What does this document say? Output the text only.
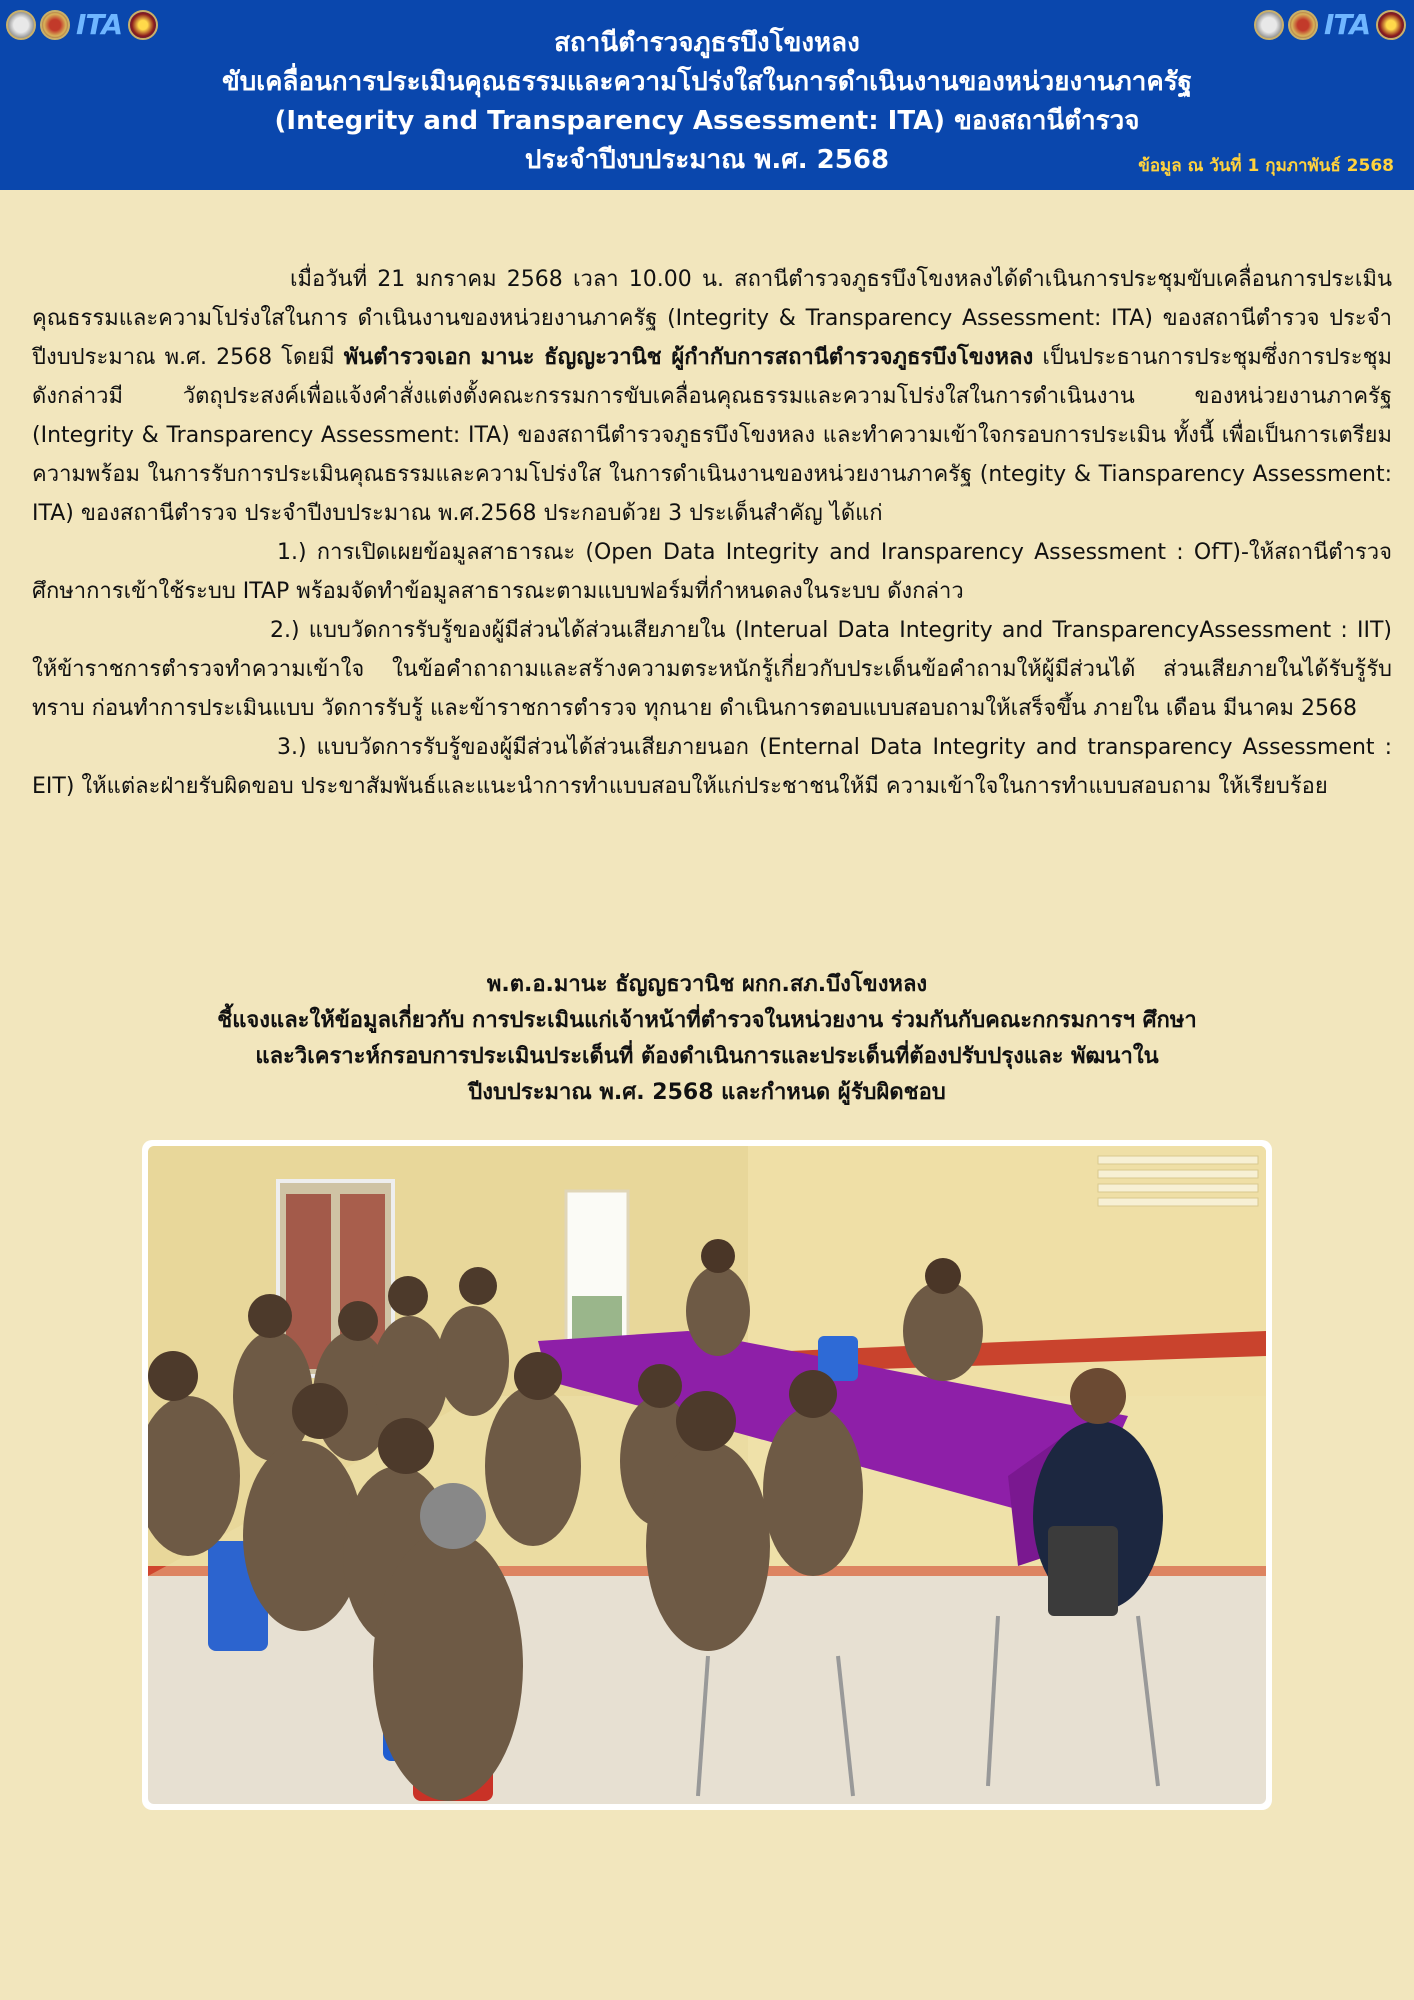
ITA	ITA
สถานีตำรวจภูธรบึงโขงหลง
ขับเคลื่อนการประเมินคุณธรรมและความโปร่งใสในการดำเนินงานของหน่วยงานภาครัฐ
(Integrity and Transparency Assessment: ITA) ของสถานีตำรวจ
ประจำปีงบประมาณ พ.ศ. 2568	ข้อมูล ณ วันที่ 1 กุมภาพันธ์ 2568

เมื่อวันที่ 21 มกราคม 2568 เวลา 10.00 น. สถานีตำรวจภูธรบึงโขงหลงได้ดำเนินการประชุมขับเคลื่อนการประเมินคุณธรรมและความโปร่งใสในการ ดำเนินงานของหน่วยงานภาครัฐ (Integrity & Transparency Assessment: ITA) ของสถานีตำรวจ ประจำปีงบประมาณ พ.ศ. 2568 โดยมี พันตำรวจเอก มานะ ธัญญะวานิช ผู้กำกับการสถานีตำรวจภูธรบึงโขงหลง เป็นประธานการประชุมซึ่งการประชุมดังกล่าวมี วัตถุประสงค์เพื่อแจ้งคำสั่งแต่งตั้งคณะกรรมการขับเคลื่อนคุณธรรมและความโปร่งใสในการดำเนินงาน ของหน่วยงานภาครัฐ (Integrity & Transparency Assessment: ITA) ของสถานีตำรวจภูธรบึงโขงหลง และทำความเข้าใจกรอบการประเมิน ทั้งนี้ เพื่อเป็นการเตรียมความพร้อม ในการรับการประเมินคุณธรรมและความโปร่งใส ในการดำเนินงานของหน่วยงานภาครัฐ (ntegity & Tiansparency Assessment: ITA) ของสถานีตำรวจ ประจำปีงบประมาณ พ.ศ.2568 ประกอบด้วย 3 ประเด็นสำคัญ ได้แก่

1.) การเปิดเผยข้อมูลสาธารณะ (Open Data Integrity and Iransparency Assessment : OfT)-ให้สถานีตำรวจศึกษาการเข้าใช้ระบบ ITAP พร้อมจัดทำข้อมูลสาธารณะตามแบบฟอร์มที่กำหนดลงในระบบ ดังกล่าว

2.) แบบวัดการรับรู้ของผู้มีส่วนได้ส่วนเสียภายใน (Interual Data Integrity and TransparencyAssessment : IIT) ให้ข้าราชการตำรวจทำความเข้าใจ ในข้อคำถาถามและสร้างความตระหนักรู้เกี่ยวกับประเด็นข้อคำถามให้ผู้มีส่วนได้ ส่วนเสียภายในได้รับรู้รับทราบ ก่อนทำการประเมินแบบ วัดการรับรู้ และข้าราชการตำรวจ ทุกนาย ดำเนินการตอบแบบสอบถามให้เสร็จขึ้น ภายใน เดือน มีนาคม 2568

3.) แบบวัดการรับรู้ของผู้มีส่วนได้ส่วนเสียภายนอก (Enternal Data Integrity and transparency Assessment : EIT) ให้แต่ละฝ่ายรับผิดขอบ ประขาสัมพันธ์และแนะนำการทำแบบสอบให้แก่ประชาชนให้มี ความเข้าใจในการทำแบบสอบถาม ให้เรียบร้อย

พ.ต.อ.มานะ ธัญญธวานิช ผกก.สภ.บึงโขงหลง
ชี้แจงและให้ข้อมูลเกี่ยวกับ การประเมินแก่เจ้าหน้าที่ตำรวจในหน่วยงาน ร่วมกันกับคณะกกรมการฯ ศึกษา
และวิเคราะห์กรอบการประเมินประเด็นที่ ต้องดำเนินการและประเด็นที่ต้องปรับปรุงและ พัฒนาใน
ปีงบประมาณ พ.ศ. 2568 และกำหนด ผู้รับผิดชอบ
